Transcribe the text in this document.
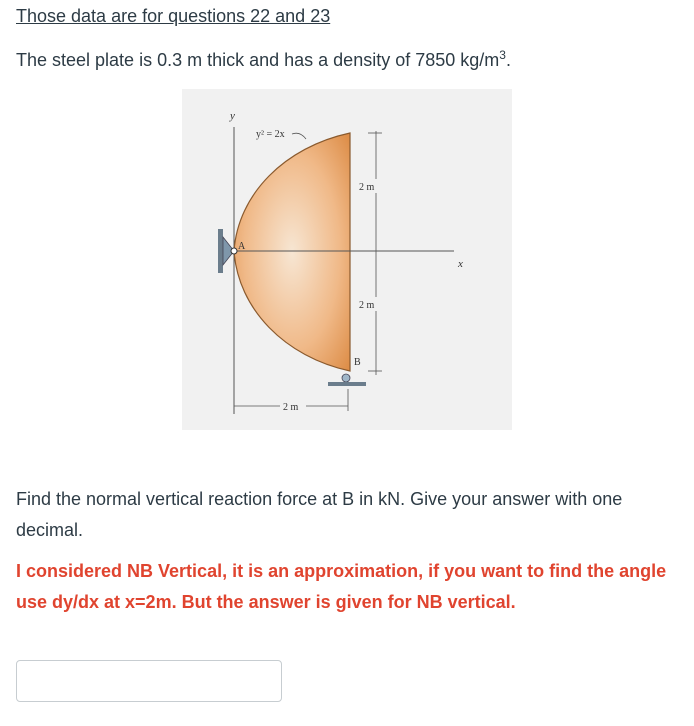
Those data are for questions 22 and 23
The steel plate is 0.3 m thick and has a density of 7850 $kg/m^3$.
y
x
A
B
2 m
2 m
2 m
y² = 2x
Find the normal vertical reaction force at B in kN. Give your answer with one decimal.
I considered NB Vertical, it is an approximation, if you want to find the angle use dy/dx at x=2m. But the answer is given for NB vertical.
